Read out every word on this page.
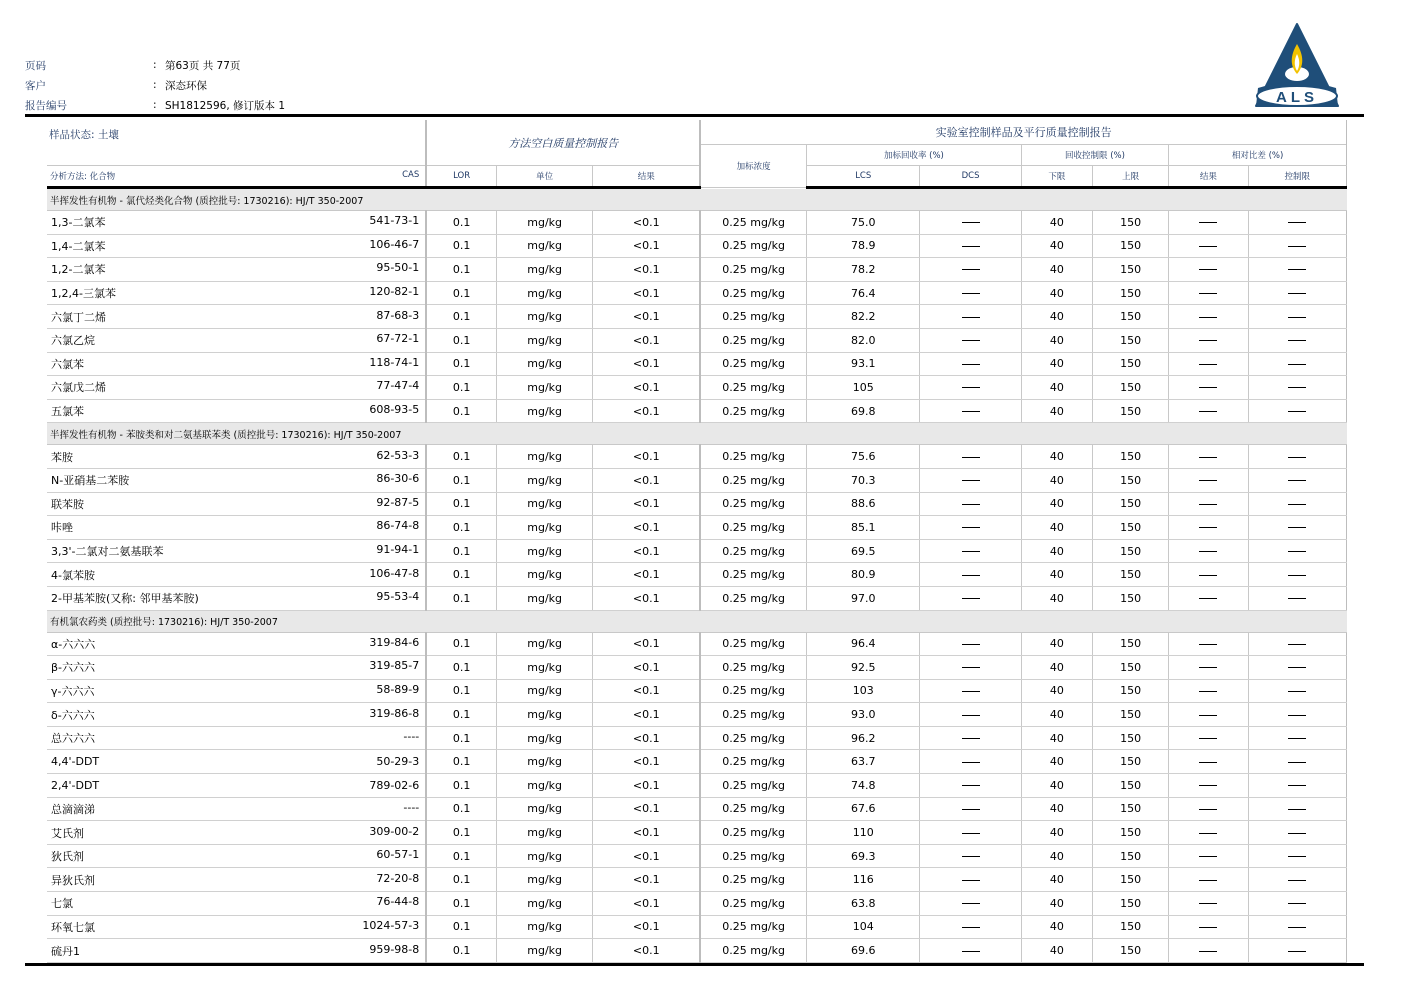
页码	: 第63页 共 77页
客户	: 深态环保
报告编号	: SH1812596, 修订版本 1	ALS
样品状态: 土壤	方法空白质量控制报告			实验室控制样品及平行质量控制报告						
				加标浓度	加标回收率 (%)		回收控制限 (%)		相对比差 (%)	

分析方法: 化合物 CAS	LOR	单位	结果		LCS	DCS	下限	上限	结果	控制限
半挥发性有机物 - 氯代烃类化合物 (质控批号: 1730216): HJ/T 350-2007										

1,3-二氯苯 541-73-1	0.1	mg/kg	<0.1	0.25 mg/kg	75.0		40	150		

1,4-二氯苯 106-46-7	0.1	mg/kg	<0.1	0.25 mg/kg	78.9		40	150		

1,2-二氯苯 95-50-1	0.1	mg/kg	<0.1	0.25 mg/kg	78.2		40	150		

1,2,4-三氯苯 120-82-1	0.1	mg/kg	<0.1	0.25 mg/kg	76.4		40	150		

六氯丁二烯 87-68-3	0.1	mg/kg	<0.1	0.25 mg/kg	82.2		40	150		

六氯乙烷 67-72-1	0.1	mg/kg	<0.1	0.25 mg/kg	82.0		40	150		

六氯苯 118-74-1	0.1	mg/kg	<0.1	0.25 mg/kg	93.1		40	150		

六氯戊二烯 77-47-4	0.1	mg/kg	<0.1	0.25 mg/kg	105		40	150		

五氯苯 608-93-5	0.1	mg/kg	<0.1	0.25 mg/kg	69.8		40	150		
半挥发性有机物 - 苯胺类和对二氨基联苯类 (质控批号: 1730216): HJ/T 350-2007										

苯胺 62-53-3	0.1	mg/kg	<0.1	0.25 mg/kg	75.6		40	150		

N-亚硝基二苯胺 86-30-6	0.1	mg/kg	<0.1	0.25 mg/kg	70.3		40	150		

联苯胺 92-87-5	0.1	mg/kg	<0.1	0.25 mg/kg	88.6		40	150		

咔唑 86-74-8	0.1	mg/kg	<0.1	0.25 mg/kg	85.1		40	150		

3,3'-二氯对二氨基联苯 91-94-1	0.1	mg/kg	<0.1	0.25 mg/kg	69.5		40	150		

4-氯苯胺 106-47-8	0.1	mg/kg	<0.1	0.25 mg/kg	80.9		40	150		

2-甲基苯胺(又称: 邻甲基苯胺) 95-53-4	0.1	mg/kg	<0.1	0.25 mg/kg	97.0		40	150		
有机氯农药类 (质控批号: 1730216): HJ/T 350-2007										

α-六六六 319-84-6	0.1	mg/kg	<0.1	0.25 mg/kg	96.4		40	150		

β-六六六 319-85-7	0.1	mg/kg	<0.1	0.25 mg/kg	92.5		40	150		

γ-六六六 58-89-9	0.1	mg/kg	<0.1	0.25 mg/kg	103		40	150		

δ-六六六 319-86-8	0.1	mg/kg	<0.1	0.25 mg/kg	93.0		40	150		

总六六六 ----	0.1	mg/kg	<0.1	0.25 mg/kg	96.2		40	150		

4,4'-DDT 50-29-3	0.1	mg/kg	<0.1	0.25 mg/kg	63.7		40	150		

2,4'-DDT 789-02-6	0.1	mg/kg	<0.1	0.25 mg/kg	74.8		40	150		

总滴滴涕 ----	0.1	mg/kg	<0.1	0.25 mg/kg	67.6		40	150		

艾氏剂 309-00-2	0.1	mg/kg	<0.1	0.25 mg/kg	110		40	150		

狄氏剂 60-57-1	0.1	mg/kg	<0.1	0.25 mg/kg	69.3		40	150		

异狄氏剂 72-20-8	0.1	mg/kg	<0.1	0.25 mg/kg	116		40	150		

七氯 76-44-8	0.1	mg/kg	<0.1	0.25 mg/kg	63.8		40	150		

环氧七氯 1024-57-3	0.1	mg/kg	<0.1	0.25 mg/kg	104		40	150		

硫丹1 959-98-8	0.1	mg/kg	<0.1	0.25 mg/kg	69.6		40	150		
